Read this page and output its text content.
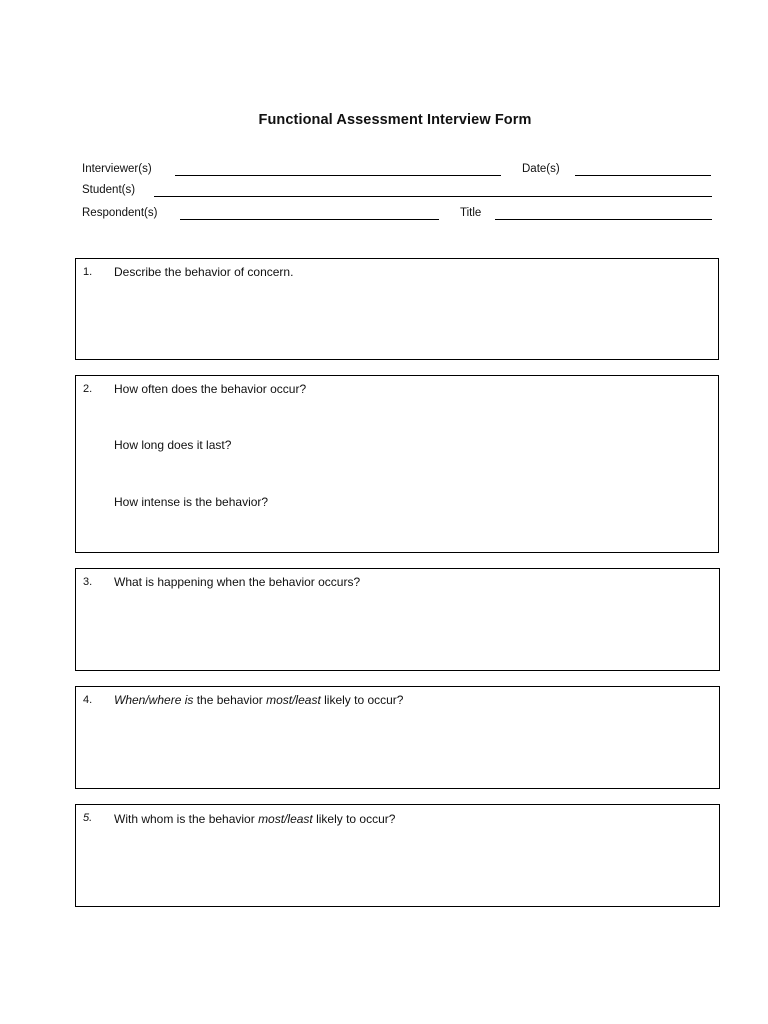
Functional Assessment Interview Form
Interviewer(s)	Date(s)
Student(s)
Respondent(s)	Title
1. Describe the behavior of concern.
2. How often does the behavior occur?
How long does it last?
How intense is the behavior?
3. What is happening when the behavior occurs?
4. When/where is the behavior most/least likely to occur?
5. With whom is the behavior most/least likely to occur?
